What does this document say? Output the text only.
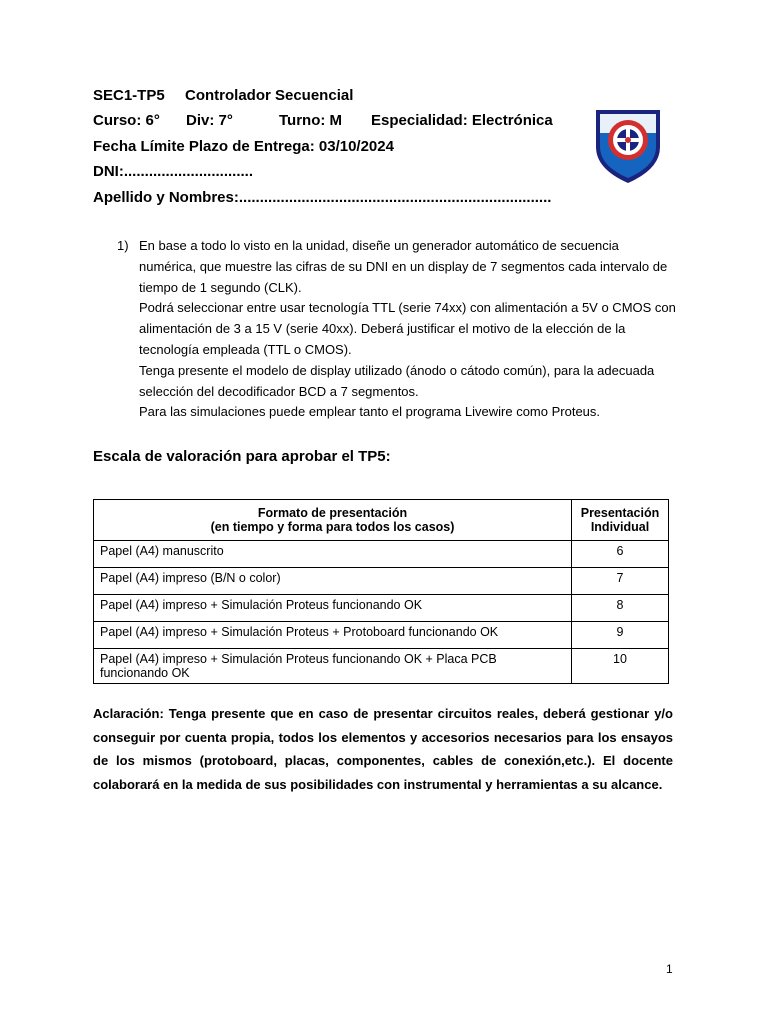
SEC1-TP5 Controlador Secuencial
Curso: 6° Div: 7°	Turno: M Especialidad: Electrónica
Fecha Límite Plazo de Entrega: 03/10/2024
DNI:...............................
Apellido y Nombres:...........................................................................
1) En base a todo lo visto en la unidad, diseñe un generador automático de secuencia numérica, que muestre las cifras de su DNI en un display de 7 segmentos cada intervalo de tiempo de 1 segundo (CLK).

Podrá seleccionar entre usar tecnología TTL (serie 74xx) con alimentación a 5V o CMOS con alimentación de 3 a 15 V (serie 40xx). Deberá justificar el motivo de la elección de la tecnología empleada (TTL o CMOS).

Tenga presente el modelo de display utilizado (ánodo o cátodo común), para la adecuada selección del decodificador BCD a 7 segmentos.

Para las simulaciones puede emplear tanto el programa Livewire como Proteus.

Escala de valoración para aprobar el TP5:
Formato de presentación
(en tiempo y forma para todos los casos)	Presentación
Individual
Papel (A4) manuscrito	6
Papel (A4) impreso (B/N o color)	7
Papel (A4) impreso + Simulación Proteus funcionando OK	8
Papel (A4) impreso + Simulación Proteus + Protoboard funcionando OK	9
Papel (A4) impreso + Simulación Proteus funcionando OK + Placa PCB funcionando OK	10
Aclaración: Tenga presente que en caso de presentar circuitos reales, deberá gestionar y/o conseguir por cuenta propia, todos los elementos y accesorios necesarios para los ensayos de los mismos (protoboard, placas, componentes, cables de conexión,etc.). El docente colaborará en la medida de sus posibilidades con instrumental y herramientas a su alcance.
1
